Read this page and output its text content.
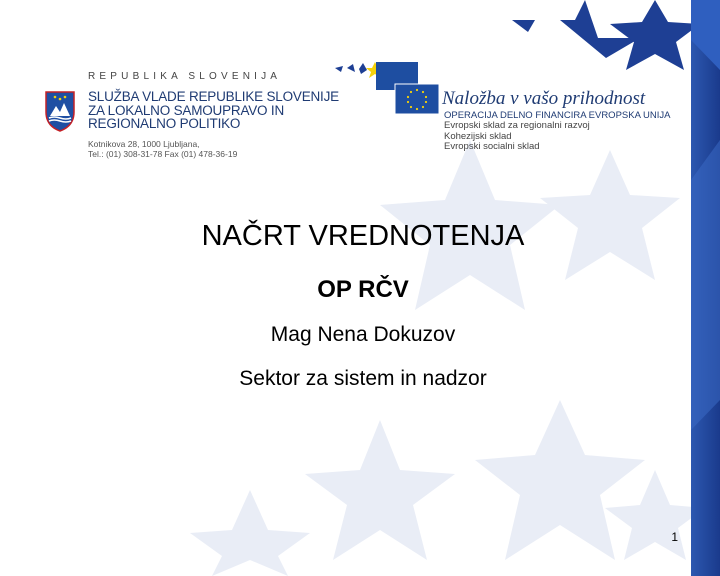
REPUBLIKA SLOVENIJA
SLUŽBA VLADE REPUBLIKE SLOVENIJE
ZA LOKALNO SAMOUPRAVO IN
REGIONALNO POLITIKO
Kotnikova 28, 1000 Ljubljana,
Tel.: (01) 308-31-78 Fax (01) 478-36-19
Naložba v vašo prihodnost
OPERACIJA DELNO FINANCIRA EVROPSKA UNIJA
Evropski sklad za regionalni razvoj
Kohezijski sklad
Evropski socialni sklad
NAČRT VREDNOTENJA
OP RČV
Mag Nena Dokuzov
Sektor za sistem in nadzor
1
